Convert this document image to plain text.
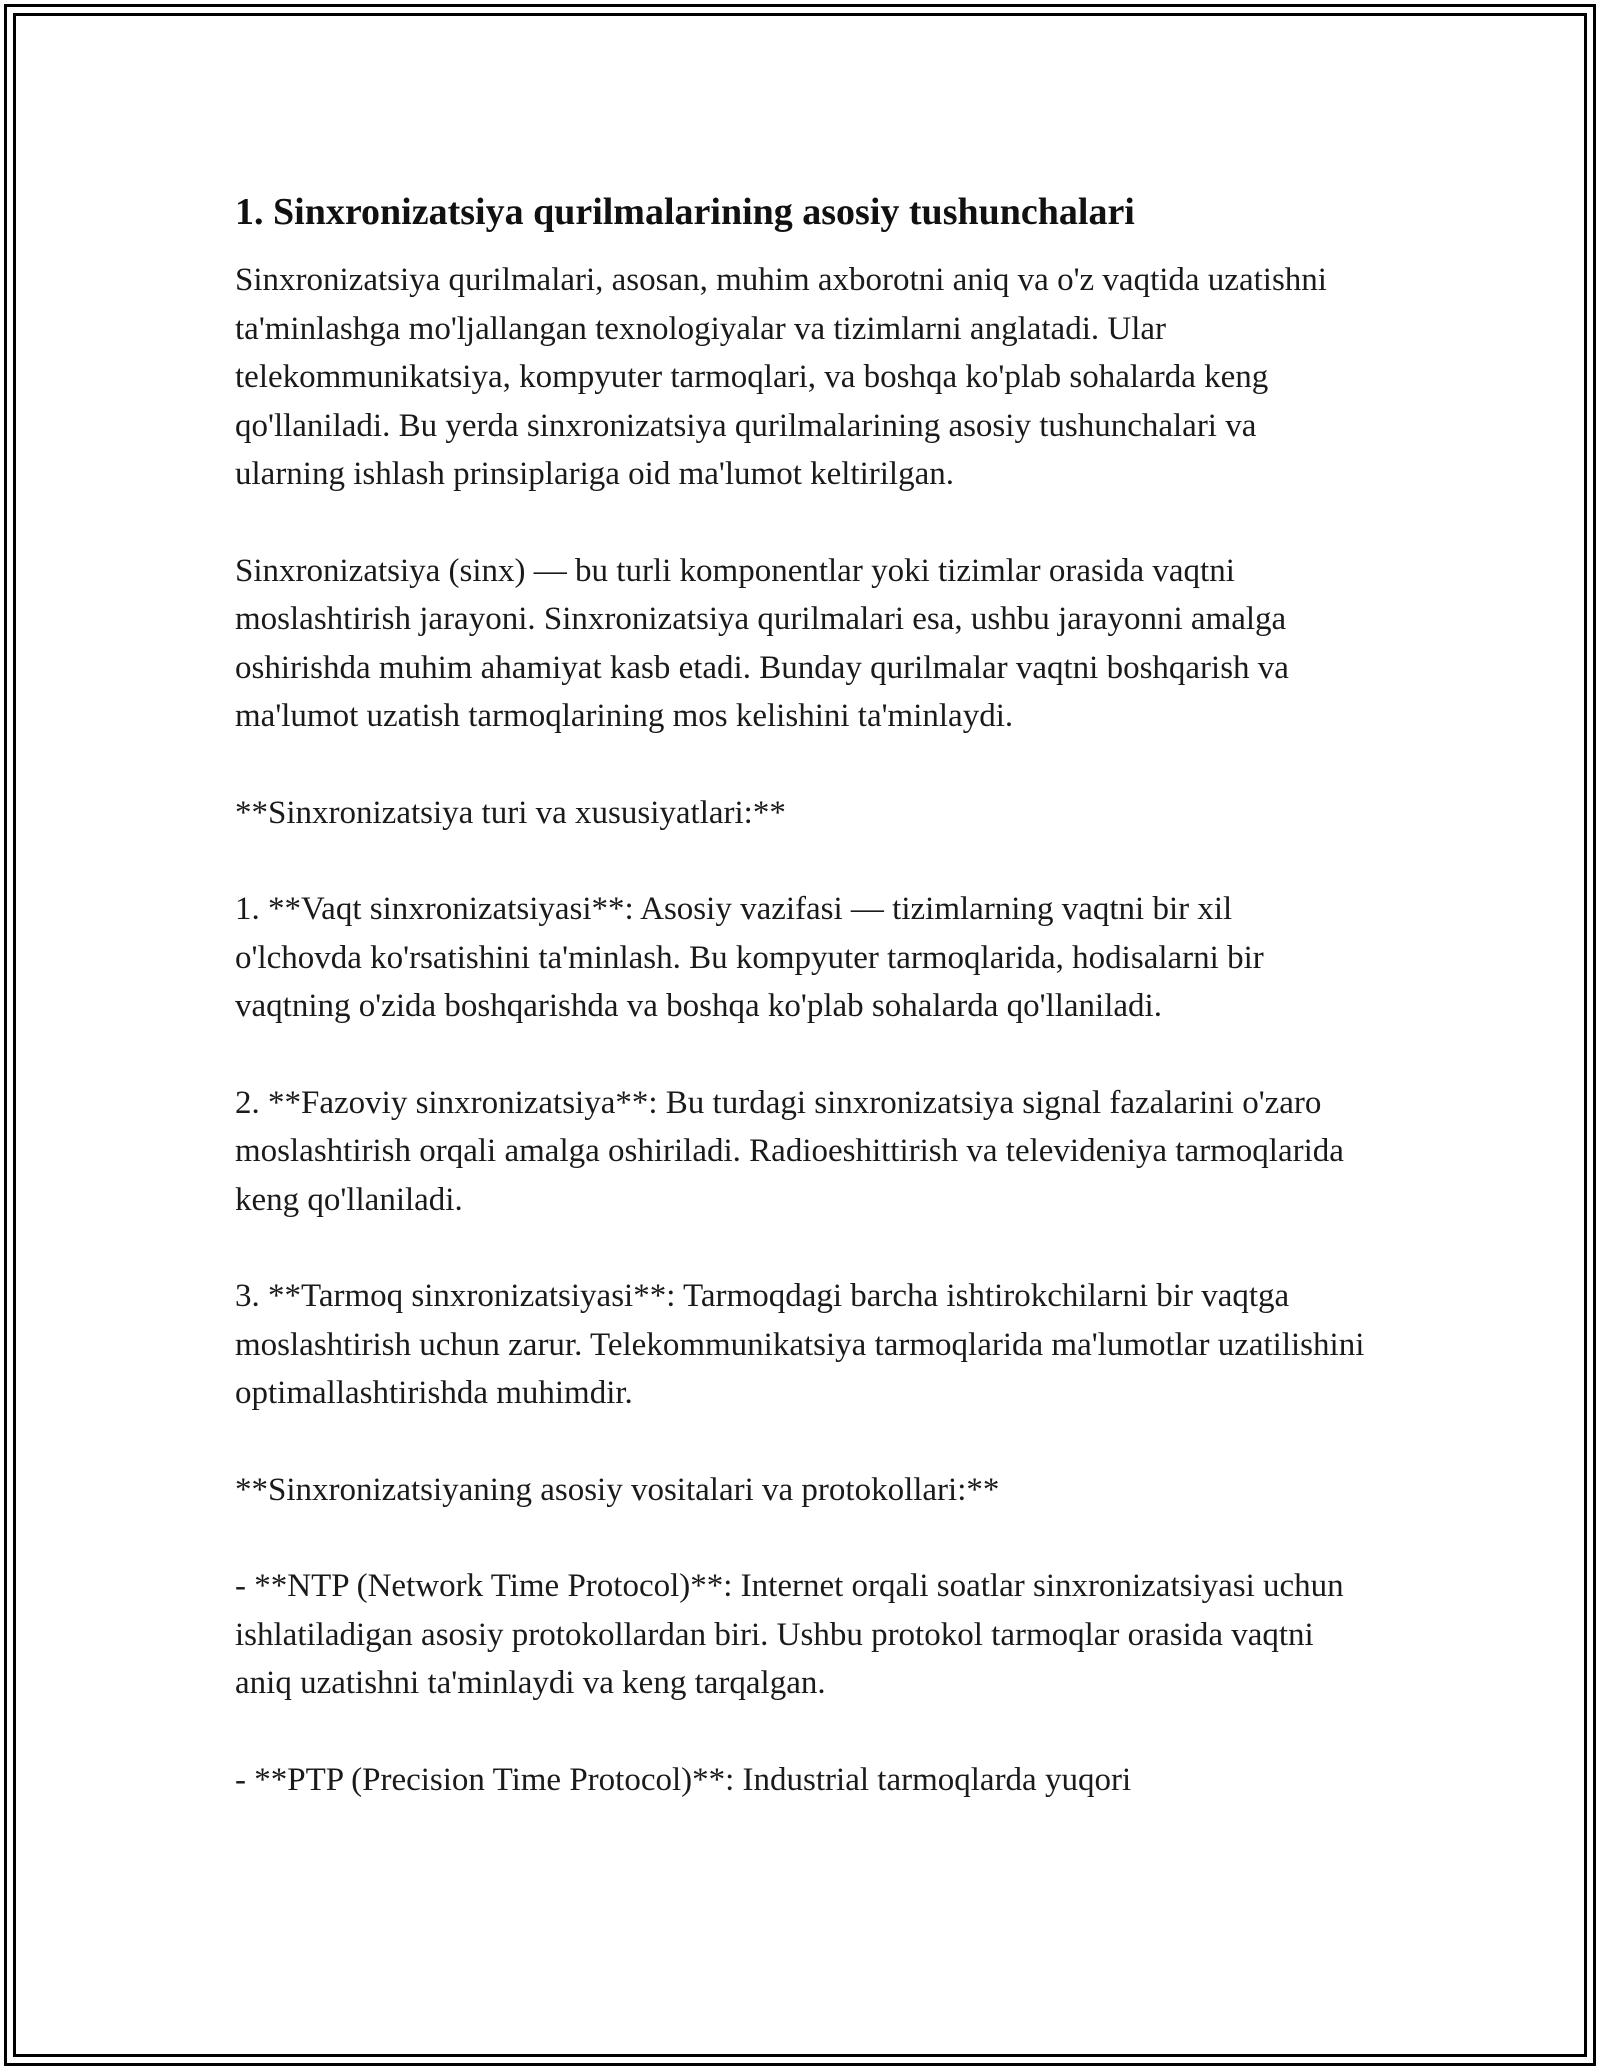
1. Sinxronizatsiya qurilmalarining asosiy tushunchalari

Sinxronizatsiya qurilmalari, asosan, muhim axborotni aniq va o'z vaqtida uzatishni ta'minlashga mo'ljallangan texnologiyalar va tizimlarni anglatadi. Ular telekommunikatsiya, kompyuter tarmoqlari, va boshqa ko'plab sohalarda keng qo'llaniladi. Bu yerda sinxronizatsiya qurilmalarining asosiy tushunchalari va ularning ishlash prinsiplariga oid ma'lumot keltirilgan.

Sinxronizatsiya (sinx) — bu turli komponentlar yoki tizimlar orasida vaqtni moslashtirish jarayoni. Sinxronizatsiya qurilmalari esa, ushbu jarayonni amalga oshirishda muhim ahamiyat kasb etadi. Bunday qurilmalar vaqtni boshqarish va ma'lumot uzatish tarmoqlarining mos kelishini ta'minlaydi.

**Sinxronizatsiya turi va xususiyatlari:**

1. **Vaqt sinxronizatsiyasi**: Asosiy vazifasi — tizimlarning vaqtni bir xil o'lchovda ko'rsatishini ta'minlash. Bu kompyuter tarmoqlarida, hodisalarni bir vaqtning o'zida boshqarishda va boshqa ko'plab sohalarda qo'llaniladi.

2. **Fazoviy sinxronizatsiya**: Bu turdagi sinxronizatsiya signal fazalarini o'zaro moslashtirish orqali amalga oshiriladi. Radioeshittirish va televideniya tarmoqlarida keng qo'llaniladi.

3. **Tarmoq sinxronizatsiyasi**: Tarmoqdagi barcha ishtirokchilarni bir vaqtga moslashtirish uchun zarur. Telekommunikatsiya tarmoqlarida ma'lumotlar uzatilishini optimallashtirishda muhimdir.

**Sinxronizatsiyaning asosiy vositalari va protokollari:**

- **NTP (Network Time Protocol)**: Internet orqali soatlar sinxronizatsiyasi uchun ishlatiladigan asosiy protokollardan biri. Ushbu protokol tarmoqlar orasida vaqtni aniq uzatishni ta'minlaydi va keng tarqalgan.

- **PTP (Precision Time Protocol)**: Industrial tarmoqlarda yuqori
